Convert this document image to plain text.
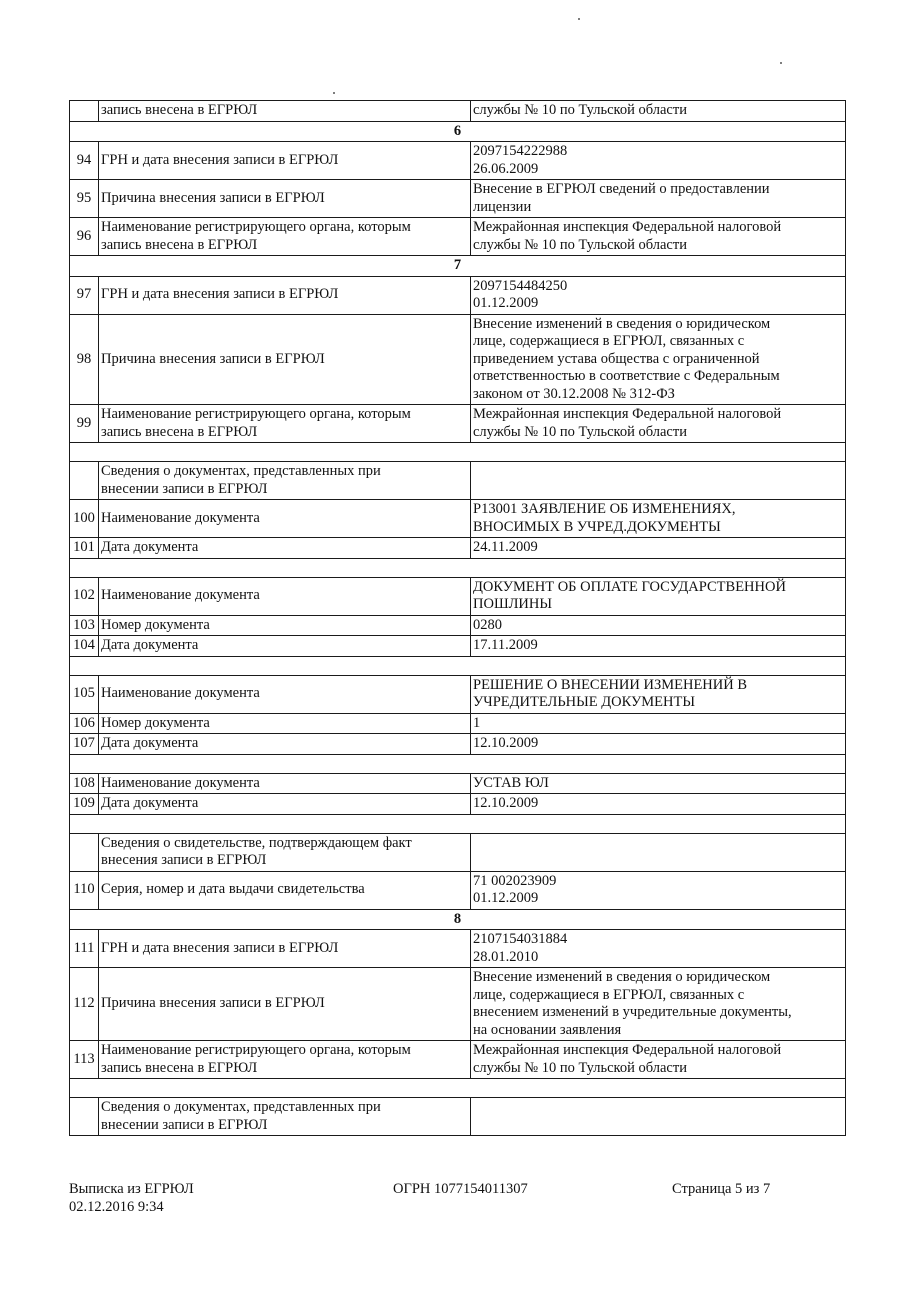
	запись внесена в ЕГРЮЛ	службы № 10 по Тульской области
6		
94	ГРН и дата внесения записи в ЕГРЮЛ	2097154222988
26.06.2009
95	Причина внесения записи в ЕГРЮЛ	Внесение в ЕГРЮЛ сведений о предоставлении
лицензии
96	Наименование регистрирующего органа, которым
запись внесена в ЕГРЮЛ	Межрайонная инспекция Федеральной налоговой
службы № 10 по Тульской области
7		
97	ГРН и дата внесения записи в ЕГРЮЛ	2097154484250
01.12.2009
98	Причина внесения записи в ЕГРЮЛ	Внесение изменений в сведения о юридическом
лице, содержащиеся в ЕГРЮЛ, связанных с
приведением устава общества с ограниченной
ответственностью в соответствие с Федеральным
законом от 30.12.2008 № 312-ФЗ
99	Наименование регистрирующего органа, которым
запись внесена в ЕГРЮЛ	Межрайонная инспекция Федеральной налоговой
службы № 10 по Тульской области

	Сведения о документах, представленных при
внесении записи в ЕГРЮЛ	
100	Наименование документа	Р13001 ЗАЯВЛЕНИЕ ОБ ИЗМЕНЕНИЯХ,
ВНОСИМЫХ В УЧРЕД.ДОКУМЕНТЫ
101	Дата документа	24.11.2009

102	Наименование документа	ДОКУМЕНТ ОБ ОПЛАТЕ ГОСУДАРСТВЕННОЙ
ПОШЛИНЫ
103	Номер документа	0280
104	Дата документа	17.11.2009

105	Наименование документа	РЕШЕНИЕ О ВНЕСЕНИИ ИЗМЕНЕНИЙ В
УЧРЕДИТЕЛЬНЫЕ ДОКУМЕНТЫ
106	Номер документа	1
107	Дата документа	12.10.2009

108	Наименование документа	УСТАВ ЮЛ
109	Дата документа	12.10.2009

	Сведения о свидетельстве, подтверждающем факт
внесения записи в ЕГРЮЛ	
110	Серия, номер и дата выдачи свидетельства	71 002023909
01.12.2009
8		
111	ГРН и дата внесения записи в ЕГРЮЛ	2107154031884
28.01.2010
112	Причина внесения записи в ЕГРЮЛ	Внесение изменений в сведения о юридическом
лице, содержащиеся в ЕГРЮЛ, связанных с
внесением изменений в учредительные документы,
на основании заявления
113	Наименование регистрирующего органа, которым
запись внесена в ЕГРЮЛ	Межрайонная инспекция Федеральной налоговой
службы № 10 по Тульской области

	Сведения о документах, представленных при
внесении записи в ЕГРЮЛ	
Выписка из ЕГРЮЛ
02.12.2016 9:34
ОГРН 1077154011307	Страница 5 из 7
